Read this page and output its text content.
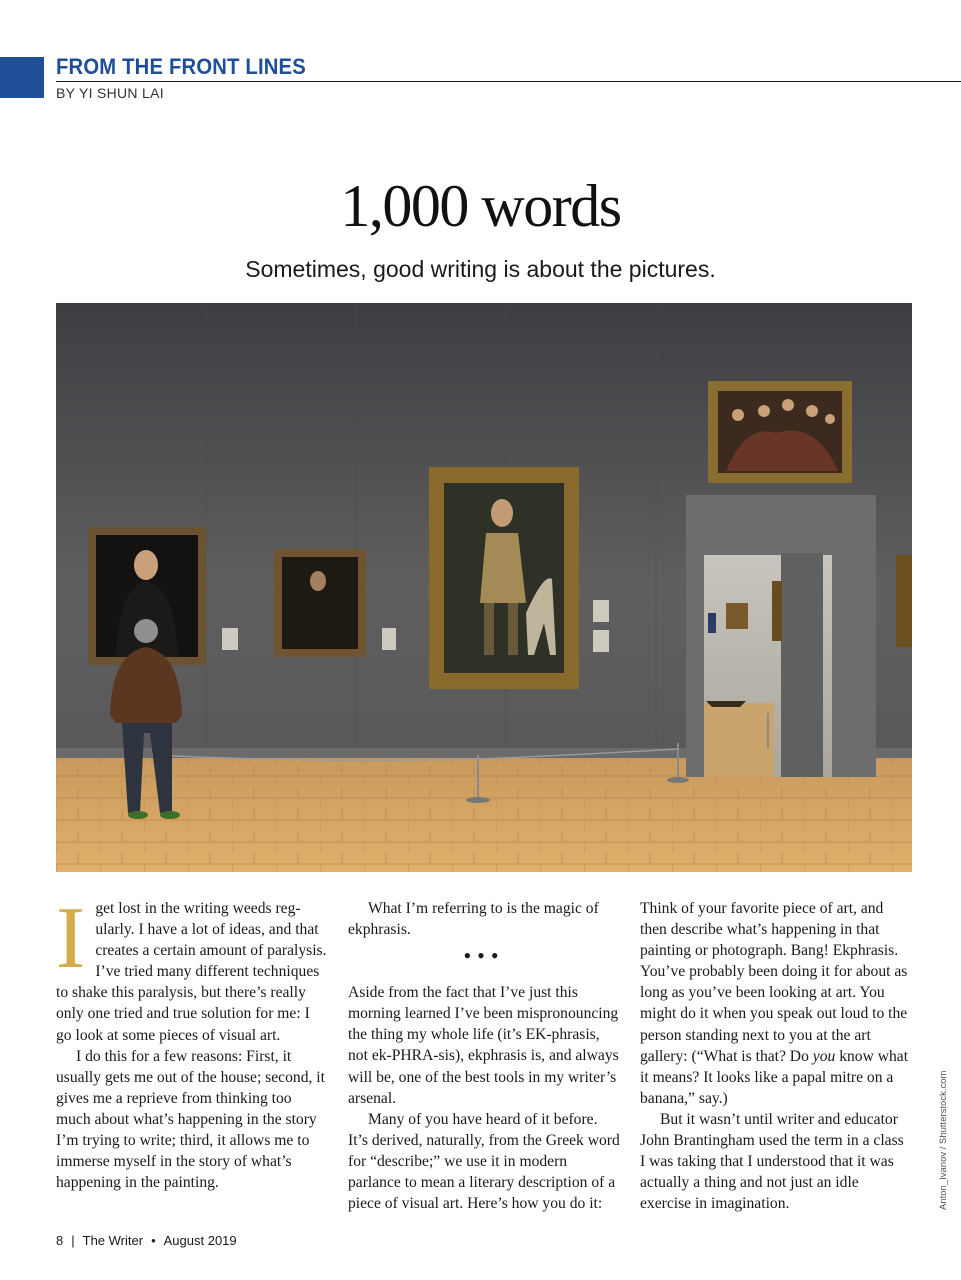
FROM THE FRONT LINES
BY YI SHUN LAI
1,000 words
Sometimes, good writing is about the pictures.

Iget lost in the writing weeds regularly. I have a lot of ideas, and that creates a certain amount of paralysis. I’ve tried many different techniques to shake this paralysis, but there’s really only one tried and true solution for me: I go look at some pieces of visual art.

I do this for a few reasons: First, it usually gets me out of the house; second, it gives me a reprieve from thinking too much about what’s happening in the story I’m trying to write; third, it allows me to immerse myself in the story of what’s happening in the painting.

What I’m referring to is the magic of ekphrasis.

•••

Aside from the fact that I’ve just this morning learned I’ve been mispronouncing the thing my whole life (it’s EK-phrasis, not ek-PHRA-sis), ekphrasis is, and always will be, one of the best tools in my writer’s arsenal.

Many of you have heard of it before. It’s derived, naturally, from the Greek word for “describe;” we use it in modern parlance to mean a literary description of a piece of visual art. Here’s how you do it: Think of your favorite piece of art, and then describe what’s happening in that painting or photograph. Bang! Ekphrasis. You’ve probably been doing it for about as long as you’ve been looking at art. You might do it when you speak out loud to the person standing next to you at the art gallery: (“What is that? Do you know what it means? It looks like a papal mitre on a banana,” say.)

But it wasn’t until writer and educator John Brantingham used the term in a class I was taking that I understood that it was actually a thing and not just an idle exercise in imagination.	Anton_Ivanov / Shutterstock.com
8 | The Writer • August 2019
